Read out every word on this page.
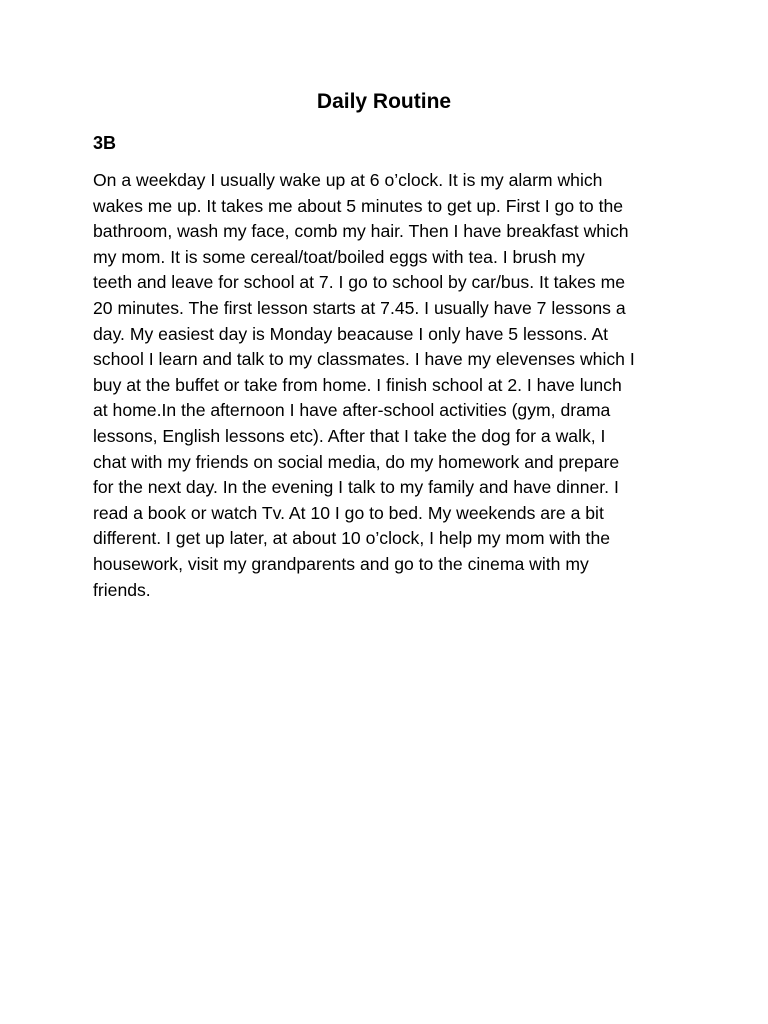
Daily Routine
3B

On a weekday I usually wake up at 6 o’clock. It is my alarm which
wakes me up. It takes me about 5 minutes to get up. First I go to the
bathroom, wash my face, comb my hair. Then I have breakfast which
my mom. It is some cereal/toat/boiled eggs with tea. I brush my
teeth and leave for school at 7. I go to school by car/bus. It takes me
20 minutes. The first lesson starts at 7.45. I usually have 7 lessons a
day. My easiest day is Monday beacause I only have 5 lessons. At
school I learn and talk to my classmates. I have my elevenses which I
buy at the buffet or take from home. I finish school at 2. I have lunch
at home.In the afternoon I have after-school activities (gym, drama
lessons, English lessons etc). After that I take the dog for a walk, I
chat with my friends on social media, do my homework and prepare
for the next day. In the evening I talk to my family and have dinner. I
read a book or watch Tv. At 10 I go to bed. My weekends are a bit
different. I get up later, at about 10 o’clock, I help my mom with the
housework, visit my grandparents and go to the cinema with my
friends.
